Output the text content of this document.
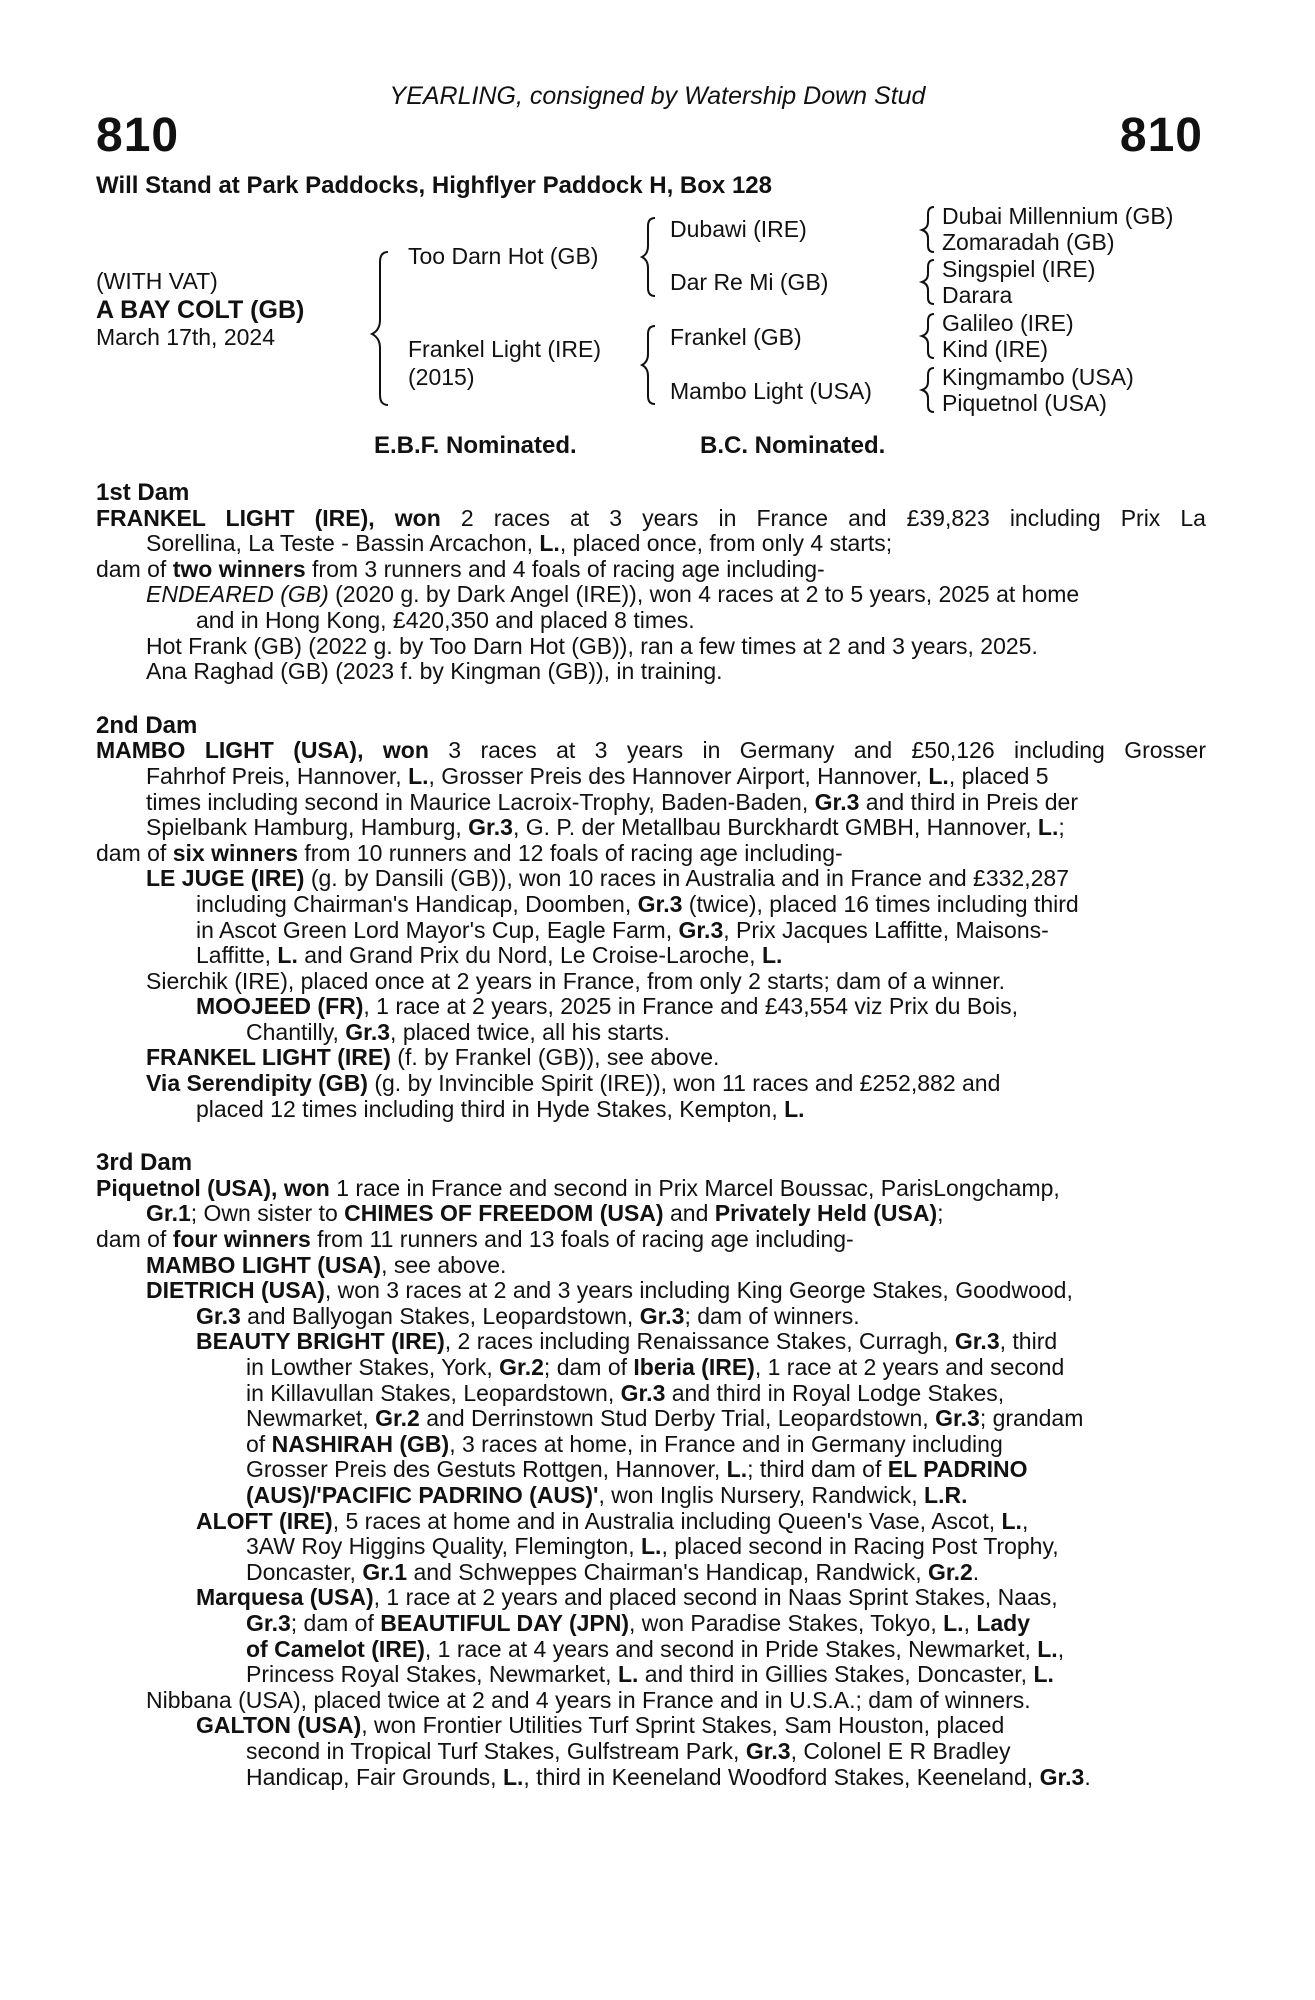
YEARLING, consigned by Watership Down Stud
810	810
Will Stand at Park Paddocks, Highflyer Paddock H, Box 128
(WITH VAT)
A BAY COLT (GB)
March 17th, 2024
Too Darn Hot (GB)
Frankel Light (IRE)
(2015)
Dubawi (IRE)
Dar Re Mi (GB)
Frankel (GB)
Mambo Light (USA)
Dubai Millennium (GB)
Zomaradah (GB)
Singspiel (IRE)
Darara
Galileo (IRE)
Kind (IRE)
Kingmambo (USA)
Piquetnol (USA)
E.B.F. Nominated.	B.C. Nominated.
1st Dam
FRANKEL LIGHT (IRE), won 2 races at 3 years in France and £39,823 including Prix La
Sorellina, La Teste - Bassin Arcachon, L., placed once, from only 4 starts;
dam of two winners from 3 runners and 4 foals of racing age including-
ENDEARED (GB) (2020 g. by Dark Angel (IRE)), won 4 races at 2 to 5 years, 2025 at home
and in Hong Kong, £420,350 and placed 8 times.
Hot Frank (GB) (2022 g. by Too Darn Hot (GB)), ran a few times at 2 and 3 years, 2025.
Ana Raghad (GB) (2023 f. by Kingman (GB)), in training.
2nd Dam
MAMBO LIGHT (USA), won 3 races at 3 years in Germany and £50,126 including Grosser
Fahrhof Preis, Hannover, L., Grosser Preis des Hannover Airport, Hannover, L., placed 5
times including second in Maurice Lacroix-Trophy, Baden-Baden, Gr.3 and third in Preis der
Spielbank Hamburg, Hamburg, Gr.3, G. P. der Metallbau Burckhardt GMBH, Hannover, L.;
dam of six winners from 10 runners and 12 foals of racing age including-
LE JUGE (IRE) (g. by Dansili (GB)), won 10 races in Australia and in France and £332,287
including Chairman's Handicap, Doomben, Gr.3 (twice), placed 16 times including third
in Ascot Green Lord Mayor's Cup, Eagle Farm, Gr.3, Prix Jacques Laffitte, Maisons-
Laffitte, L. and Grand Prix du Nord, Le Croise-Laroche, L.
Sierchik (IRE), placed once at 2 years in France, from only 2 starts; dam of a winner.
MOOJEED (FR), 1 race at 2 years, 2025 in France and £43,554 viz Prix du Bois,
Chantilly, Gr.3, placed twice, all his starts.
FRANKEL LIGHT (IRE) (f. by Frankel (GB)), see above.
Via Serendipity (GB) (g. by Invincible Spirit (IRE)), won 11 races and £252,882 and
placed 12 times including third in Hyde Stakes, Kempton, L.
3rd Dam
Piquetnol (USA), won 1 race in France and second in Prix Marcel Boussac, ParisLongchamp,
Gr.1; Own sister to CHIMES OF FREEDOM (USA) and Privately Held (USA);
dam of four winners from 11 runners and 13 foals of racing age including-
MAMBO LIGHT (USA), see above.
DIETRICH (USA), won 3 races at 2 and 3 years including King George Stakes, Goodwood,
Gr.3 and Ballyogan Stakes, Leopardstown, Gr.3; dam of winners.
BEAUTY BRIGHT (IRE), 2 races including Renaissance Stakes, Curragh, Gr.3, third
in Lowther Stakes, York, Gr.2; dam of Iberia (IRE), 1 race at 2 years and second
in Killavullan Stakes, Leopardstown, Gr.3 and third in Royal Lodge Stakes,
Newmarket, Gr.2 and Derrinstown Stud Derby Trial, Leopardstown, Gr.3; grandam
of NASHIRAH (GB), 3 races at home, in France and in Germany including
Grosser Preis des Gestuts Rottgen, Hannover, L.; third dam of EL PADRINO
(AUS)/'PACIFIC PADRINO (AUS)', won Inglis Nursery, Randwick, L.R.
ALOFT (IRE), 5 races at home and in Australia including Queen's Vase, Ascot, L.,
3AW Roy Higgins Quality, Flemington, L., placed second in Racing Post Trophy,
Doncaster, Gr.1 and Schweppes Chairman's Handicap, Randwick, Gr.2.
Marquesa (USA), 1 race at 2 years and placed second in Naas Sprint Stakes, Naas,
Gr.3; dam of BEAUTIFUL DAY (JPN), won Paradise Stakes, Tokyo, L., Lady
of Camelot (IRE), 1 race at 4 years and second in Pride Stakes, Newmarket, L.,
Princess Royal Stakes, Newmarket, L. and third in Gillies Stakes, Doncaster, L.
Nibbana (USA), placed twice at 2 and 4 years in France and in U.S.A.; dam of winners.
GALTON (USA), won Frontier Utilities Turf Sprint Stakes, Sam Houston, placed
second in Tropical Turf Stakes, Gulfstream Park, Gr.3, Colonel E R Bradley
Handicap, Fair Grounds, L., third in Keeneland Woodford Stakes, Keeneland, Gr.3.
